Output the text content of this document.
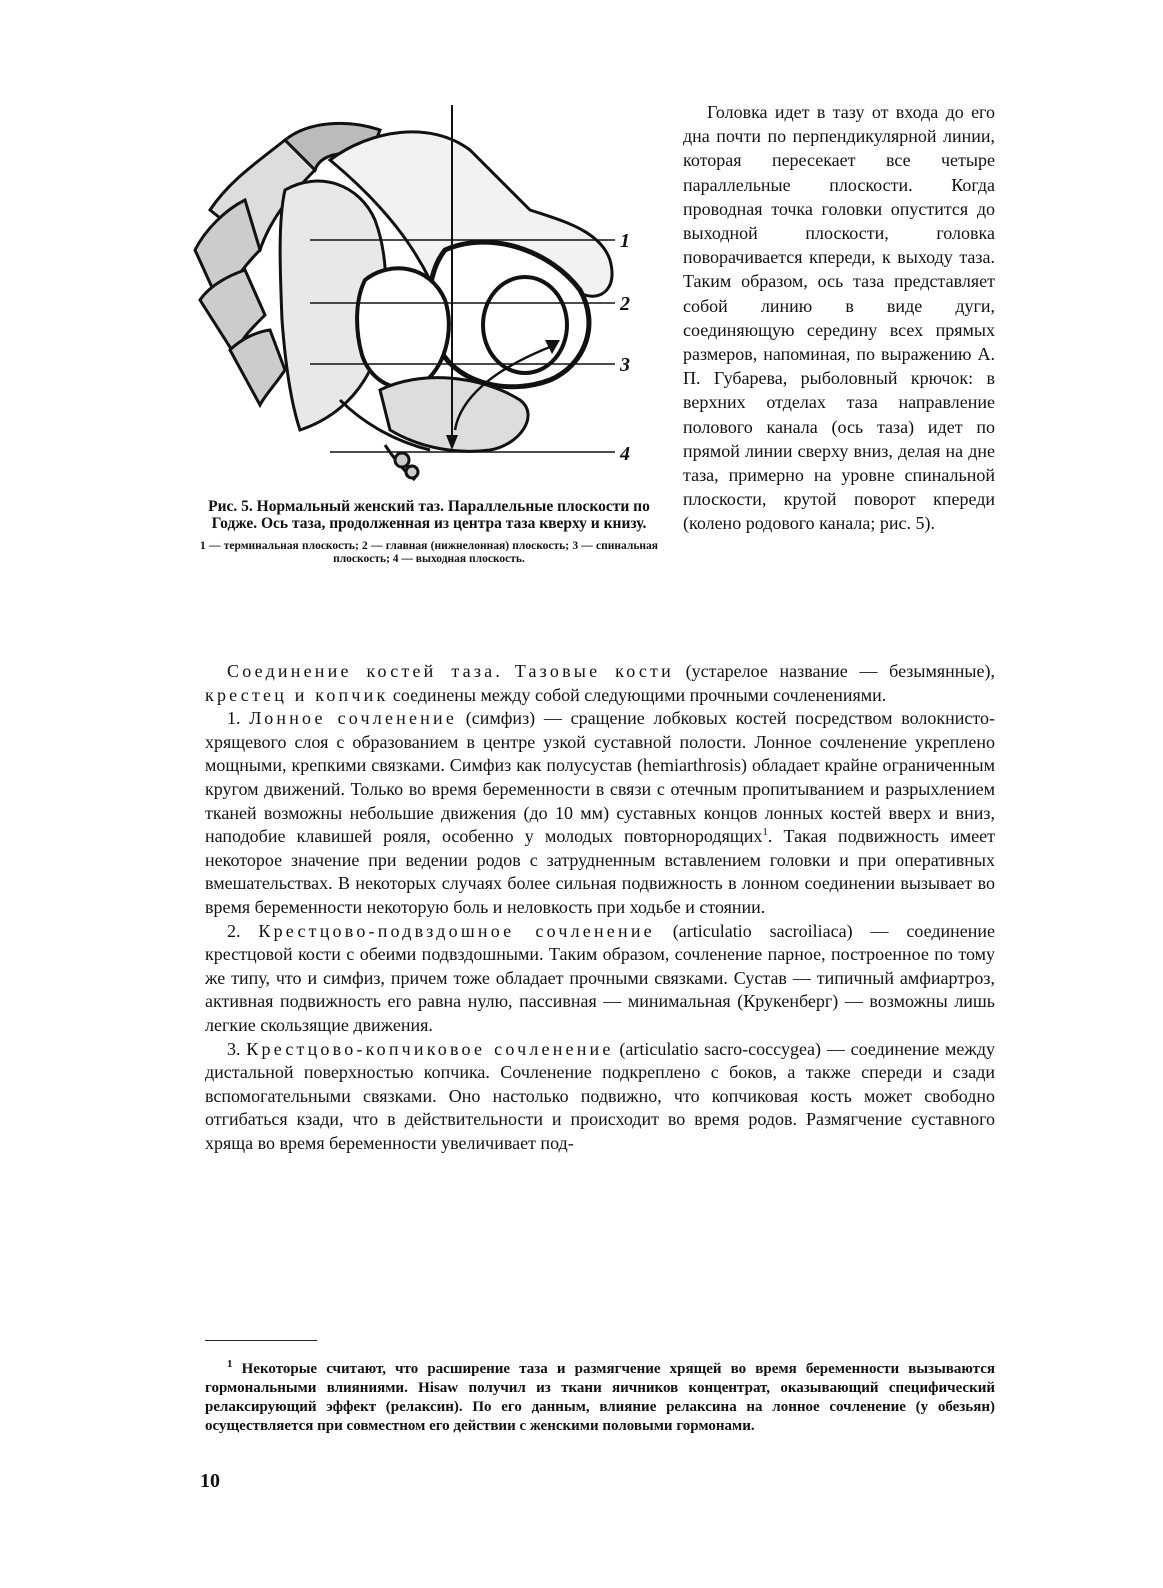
1
2
3
4
Рис. 5. Нормальный женский таз. Параллельные плоскости по Годже. Ось таза, продолженная из центра таза кверху и книзу.
1 — терминальная плоскость; 2 — главная (нижнелонная) плоскость; 3 — спинальная плоскость; 4 — выходная плоскость.
Головка идет в тазу от входа до его дна почти по перпендикулярной линии, которая пересекает все четыре параллельные плоскости. Когда проводная точка головки опустится до выходной плоскости, головка поворачивается кпереди, к выходу таза. Таким образом, ось таза представляет собой линию в виде дуги, соединяющую середину всех прямых размеров, напоминая, по выражению А. П. Губарева, рыболовный крючок: в верхних отделах таза направление полового канала (ось таза) идет по прямой линии сверху вниз, делая на дне таза, примерно на уровне спинальной плоскости, крутой поворот кпереди (колено родового канала; рис. 5).

Соединение костей таза. Тазовые кости (устарелое название — безымянные), крестец и копчик соединены между собой следующими прочными сочленениями.

1. Лонное сочленение (симфиз) — сращение лобковых костей посредством волокнисто-хрящевого слоя с образованием в центре узкой суставной полости. Лонное сочленение укреплено мощными, крепкими связками. Симфиз как полусустав (hemiarthrosis) обладает крайне ограниченным кругом движений. Только во время беременности в связи с отечным пропитыванием и разрыхлением тканей возможны небольшие движения (до 10 мм) суставных концов лонных костей вверх и вниз, наподобие клавишей рояля, особенно у молодых повторнородящих$^1$. Такая подвижность имеет некоторое значение при ведении родов с затрудненным вставлением головки и при оперативных вмешательствах. В некоторых случаях более сильная подвижность в лонном соединении вызывает во время беременности некоторую боль и неловкость при ходьбе и стоянии.

2. Крестцово-подвздошное сочленение (articulatio sacroiliaca) — соединение крестцовой кости с обеими подвздошными. Таким образом, сочленение парное, построенное по тому же типу, что и симфиз, причем тоже обладает прочными связками. Сустав — типичный амфиартроз, активная подвижность его равна нулю, пассивная — минимальная (Крукенберг) — возможны лишь легкие скользящие движения.

3. Крестцово-копчиковое сочленение (articulatio sacro-coccygea) — соединение между дистальной поверхностью копчика. Сочленение подкреплено с боков, а также спереди и сзади вспомогательными связками. Оно настолько подвижно, что копчиковая кость может свободно отгибаться кзади, что в действительности и происходит во время родов. Размягчение суставного хряща во время беременности увеличивает под-

$^1$ Некоторые считают, что расширение таза и размягчение хрящей во время беременности вызываются гормональными влияниями. Hisaw получил из ткани яичников концентрат, оказывающий специфический релаксирующий эффект (релаксин). По его данным, влияние релаксина на лонное сочленение (у обезьян) осуществляется при совместном его действии с женскими половыми гормонами.

10
